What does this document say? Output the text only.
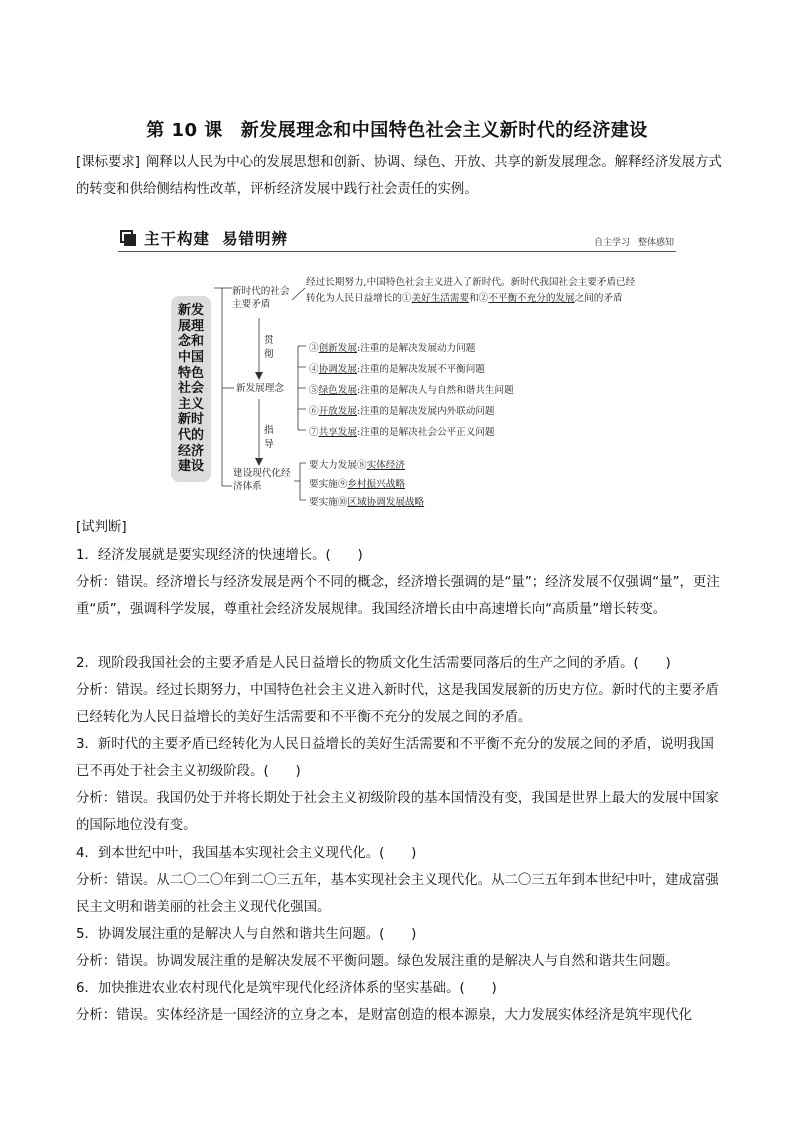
第 10 课 新发展理念和中国特色社会主义新时代的经济建设
[课标要求] 阐释以人民为中心的发展思想和创新、协调、绿色、开放、共享的新发展理念。解释经济发展方式的转变和供给侧结构性改革，评析经济发展中践行社会责任的实例。
主干构建 易错明辨	自主学习 整体感知
新发展理念和中国特色社会主义新时代的经济建设
新时代的社会主要矛盾
经过长期努力,中国特色社会主义进入了新时代。新时代我国社会主要矛盾已经转化为人民日益增长的①美好生活需要和②不平衡不充分的发展之间的矛盾
贯彻
新发展理念
③创新发展:注重的是解决发展动力问题
④协调发展:注重的是解决发展不平衡问题
⑤绿色发展:注重的是解决人与自然和谐共生问题
⑥开放发展:注重的是解决发展内外联动问题
⑦共享发展:注重的是解决社会公平正义问题
指导
建设现代化经济体系
要大力发展⑧实体经济
要实施⑨乡村振兴战略
要实施⑩区域协调发展战略
[试判断]

1．经济发展就是要实现经济的快速增长。(　　)

分析：错误。经济增长与经济发展是两个不同的概念，经济增长强调的是“量”；经济发展不仅强调“量”，更注重“质”，强调科学发展，尊重社会经济发展规律。我国经济增长由中高速增长向“高质量”增长转变。

2．现阶段我国社会的主要矛盾是人民日益增长的物质文化生活需要同落后的生产之间的矛盾。(　　)

分析：错误。经过长期努力，中国特色社会主义进入新时代，这是我国发展新的历史方位。新时代的主要矛盾已经转化为人民日益增长的美好生活需要和不平衡不充分的发展之间的矛盾。

3．新时代的主要矛盾已经转化为人民日益增长的美好生活需要和不平衡不充分的发展之间的矛盾，说明我国已不再处于社会主义初级阶段。(　　)

分析：错误。我国仍处于并将长期处于社会主义初级阶段的基本国情没有变，我国是世界上最大的发展中国家的国际地位没有变。

4．到本世纪中叶，我国基本实现社会主义现代化。(　　)

分析：错误。从二〇二〇年到二〇三五年，基本实现社会主义现代化。从二〇三五年到本世纪中叶，建成富强民主文明和谐美丽的社会主义现代化强国。

5．协调发展注重的是解决人与自然和谐共生问题。(　　)

分析：错误。协调发展注重的是解决发展不平衡问题。绿色发展注重的是解决人与自然和谐共生问题。

6．加快推进农业农村现代化是筑牢现代化经济体系的坚实基础。(　　)

分析：错误。实体经济是一国经济的立身之本，是财富创造的根本源泉，大力发展实体经济是筑牢现代化
